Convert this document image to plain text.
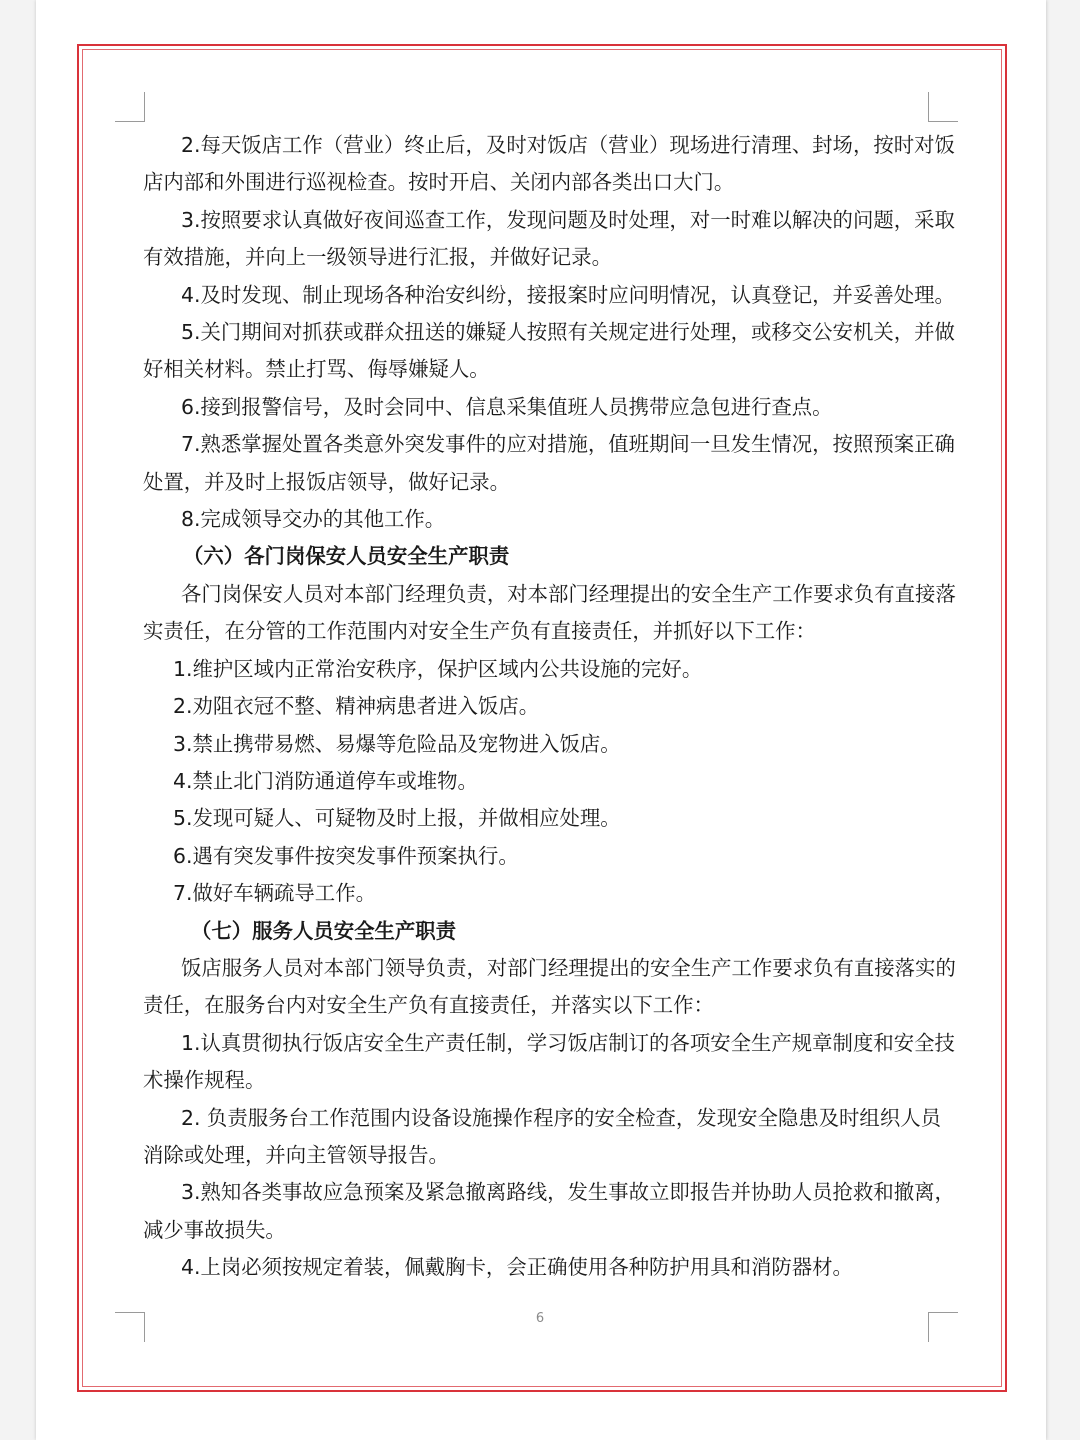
2.每天饭店工作（营业）终止后，及时对饭店（营业）现场进行清理、封场，按时对饭店内部和外围进行巡视检查。按时开启、关闭内部各类出口大门。

3.按照要求认真做好夜间巡查工作，发现问题及时处理，对一时难以解决的问题，采取有效措施，并向上一级领导进行汇报，并做好记录。

4.及时发现、制止现场各种治安纠纷，接报案时应问明情况，认真登记，并妥善处理。

5.关门期间对抓获或群众扭送的嫌疑人按照有关规定进行处理，或移交公安机关，并做好相关材料。禁止打骂、侮辱嫌疑人。

6.接到报警信号，及时会同中、信息采集值班人员携带应急包进行查点。

7.熟悉掌握处置各类意外突发事件的应对措施，值班期间一旦发生情况，按照预案正确处置，并及时上报饭店领导，做好记录。

8.完成领导交办的其他工作。

（六）各门岗保安人员安全生产职责

各门岗保安人员对本部门经理负责，对本部门经理提出的安全生产工作要求负有直接落实责任，在分管的工作范围内对安全生产负有直接责任，并抓好以下工作：

1.维护区域内正常治安秩序，保护区域内公共设施的完好。

2.劝阻衣冠不整、精神病患者进入饭店。

3.禁止携带易燃、易爆等危险品及宠物进入饭店。

4.禁止北门消防通道停车或堆物。

5.发现可疑人、可疑物及时上报，并做相应处理。

6.遇有突发事件按突发事件预案执行。

7.做好车辆疏导工作。

（七）服务人员安全生产职责

饭店服务人员对本部门领导负责，对部门经理提出的安全生产工作要求负有直接落实的责任，在服务台内对安全生产负有直接责任，并落实以下工作：

1.认真贯彻执行饭店安全生产责任制，学习饭店制订的各项安全生产规章制度和安全技术操作规程。

2. 负责服务台工作范围内设备设施操作程序的安全检查，发现安全隐患及时组织人员消除或处理，并向主管领导报告。

3.熟知各类事故应急预案及紧急撤离路线，发生事故立即报告并协助人员抢救和撤离，减少事故损失。

4.上岗必须按规定着装，佩戴胸卡，会正确使用各种防护用具和消防器材。

6
